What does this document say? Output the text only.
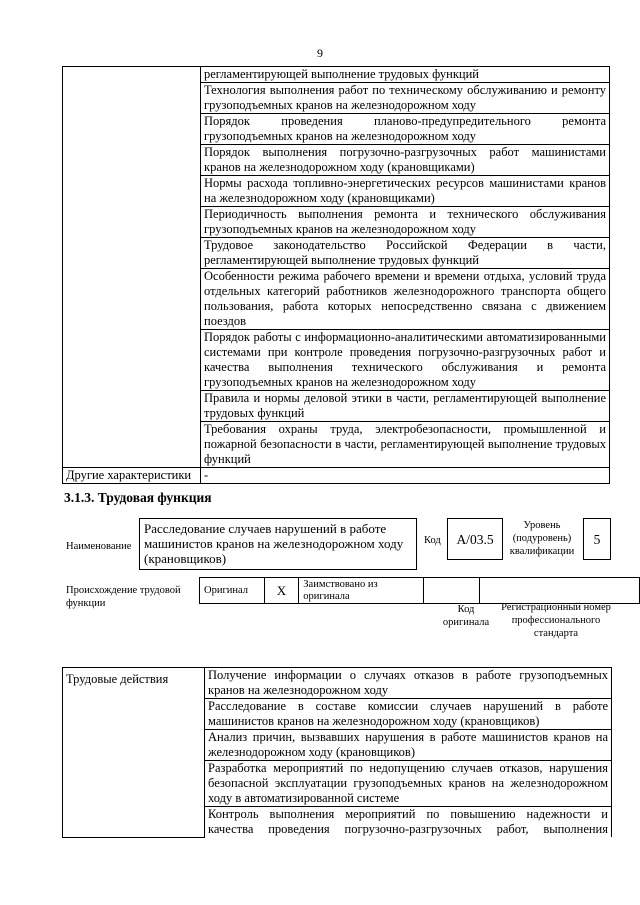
9
	регламентирующей выполнение трудовых функций
	Технология выполнения работ по техническому обслуживанию и ремонту грузоподъемных кранов на железнодорожном ходу
	Порядок проведения планово-предупредительного ремонта грузоподъемных кранов на железнодорожном ходу
	Порядок выполнения погрузочно-разгрузочных работ машинистами кранов на железнодорожном ходу (крановщиками)
	Нормы расхода топливно-энергетических ресурсов машинистами кранов на железнодорожном ходу (крановщиками)
	Периодичность выполнения ремонта и технического обслуживания грузоподъемных кранов на железнодорожном ходу
	Трудовое законодательство Российской Федерации в части, регламентирующей выполнение трудовых функций
	Особенности режима рабочего времени и времени отдыха, условий труда отдельных категорий работников железнодорожного транспорта общего пользования, работа которых непосредственно связана с движением поездов
	Порядок работы с информационно-аналитическими автоматизированными системами при контроле проведения погрузочно-разгрузочных работ и качества выполнения технического обслуживания и ремонта грузоподъемных кранов на железнодорожном ходу
	Правила и нормы деловой этики в части, регламентирующей выполнение трудовых функций
	Требования охраны труда, электробезопасности, промышленной и пожарной безопасности в части, регламентирующей выполнение трудовых функций
Другие характеристики	-
3.1.3. Трудовая функция
Наименование
Расследование случаев нарушений в работе машинистов кранов на железнодорожном ходу (крановщиков)
Код	А/03.5
Уровень (подуровень) квалификации
5
Происхождение трудовой функции
Оригинал	X	Заимствовано из оригинала		
Код оригинала
Регистрационный номер профессионального стандарта
Трудовые действия	Получение информации о случаях отказов в работе грузоподъемных кранов на железнодорожном ходу
Расследование в составе комиссии случаев нарушений в работе машинистов кранов на железнодорожном ходу (крановщиков)
Анализ причин, вызвавших нарушения в работе машинистов кранов на железнодорожном ходу (крановщиков)
Разработка мероприятий по недопущению случаев отказов, нарушения безопасной эксплуатации грузоподъемных кранов на железнодорожном ходу в автоматизированной системе
Контроль выполнения мероприятий по повышению надежности и качества проведения погрузочно-разгрузочных работ, выполнения
